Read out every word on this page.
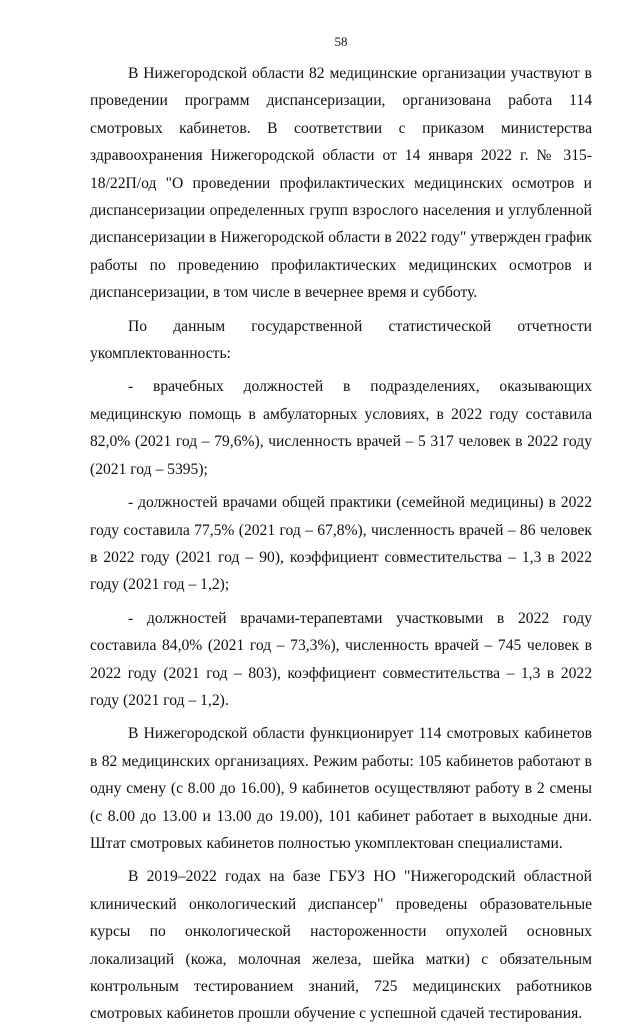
58

В Нижегородской области 82 медицинские организации участвуют в проведении программ диспансеризации, организована работа 114 смотровых кабинетов. В соответствии с приказом министерства здравоохранения Нижегородской области от 14 января 2022 г. № 315-18/22П/од "О проведении профилактических медицинских осмотров и диспансеризации определенных групп взрослого населения и углубленной диспансеризации в Нижегородской области в 2022 году" утвержден график работы по проведению профилактических медицинских осмотров и диспансеризации, в том числе в вечернее время и субботу.

По данным государственной статистической отчетности укомплектованность:

- врачебных должностей в подразделениях, оказывающих медицинскую помощь в амбулаторных условиях, в 2022 году составила 82,0% (2021 год – 79,6%), численность врачей – 5 317 человек в 2022 году (2021 год – 5395);

- должностей врачами общей практики (семейной медицины) в 2022 году составила 77,5% (2021 год – 67,8%), численность врачей – 86 человек в 2022 году (2021 год – 90), коэффициент совместительства – 1,3 в 2022 году (2021 год – 1,2);

- должностей врачами-терапевтами участковыми в 2022 году составила 84,0% (2021 год – 73,3%), численность врачей – 745 человек в 2022 году (2021 год – 803), коэффициент совместительства – 1,3 в 2022 году (2021 год – 1,2).

В Нижегородской области функционирует 114 смотровых кабинетов в 82 медицинских организациях. Режим работы: 105 кабинетов работают в одну смену (с 8.00 до 16.00), 9 кабинетов осуществляют работу в 2 смены (с 8.00 до 13.00 и 13.00 до 19.00), 101 кабинет работает в выходные дни. Штат смотровых кабинетов полностью укомплектован специалистами.

В 2019–2022 годах на базе ГБУЗ НО "Нижегородский областной клинический онкологический диспансер" проведены образовательные курсы по онкологической настороженности опухолей основных локализаций (кожа, молочная железа, шейка матки) с обязательным контрольным тестированием знаний, 725 медицинских работников смотровых кабинетов прошли обучение с успешной сдачей тестирования.
